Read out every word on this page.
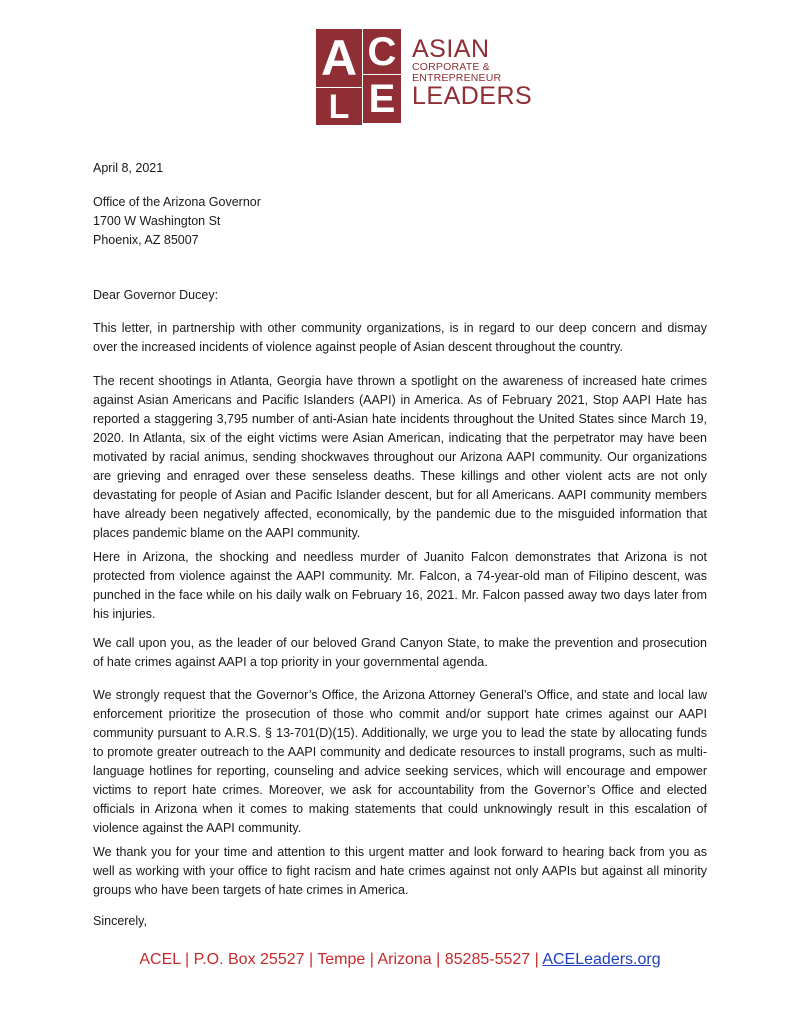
A C
E
L
ASIAN
CORPORATE &
ENTREPRENEUR
LEADERS
April 8, 2021
Office of the Arizona Governor
1700 W Washington St
Phoenix, AZ 85007
Dear Governor Ducey:
This letter, in partnership with other community organizations, is in regard to our deep concern and dismay over the increased incidents of violence against people of Asian descent throughout the country.
The recent shootings in Atlanta, Georgia have thrown a spotlight on the awareness of increased hate crimes against Asian Americans and Pacific Islanders (AAPI) in America. As of February 2021, Stop AAPI Hate has reported a staggering 3,795 number of anti-Asian hate incidents throughout the United States since March 19, 2020. In Atlanta, six of the eight victims were Asian American, indicating that the perpetrator may have been motivated by racial animus, sending shockwaves throughout our Arizona AAPI community. Our organizations are grieving and enraged over these senseless deaths. These killings and other violent acts are not only devastating for people of Asian and Pacific Islander descent, but for all Americans. AAPI community members have already been negatively affected, economically, by the pandemic due to the misguided information that places pandemic blame on the AAPI community.
Here in Arizona, the shocking and needless murder of Juanito Falcon demonstrates that Arizona is not protected from violence against the AAPI community. Mr. Falcon, a 74-year-old man of Filipino descent, was punched in the face while on his daily walk on February 16, 2021. Mr. Falcon passed away two days later from his injuries.
We call upon you, as the leader of our beloved Grand Canyon State, to make the prevention and prosecution of hate crimes against AAPI a top priority in your governmental agenda.
We strongly request that the Governor’s Office, the Arizona Attorney General’s Office, and state and local law enforcement prioritize the prosecution of those who commit and/or support hate crimes against our AAPI community pursuant to A.R.S. § 13-701(D)(15). Additionally, we urge you to lead the state by allocating funds to promote greater outreach to the AAPI community and dedicate resources to install programs, such as multi-language hotlines for reporting, counseling and advice seeking services, which will encourage and empower victims to report hate crimes. Moreover, we ask for accountability from the Governor’s Office and elected officials in Arizona when it comes to making statements that could unknowingly result in this escalation of violence against the AAPI community.
We thank you for your time and attention to this urgent matter and look forward to hearing back from you as well as working with your office to fight racism and hate crimes against not only AAPIs but against all minority groups who have been targets of hate crimes in America.
Sincerely,
ACEL | P.O. Box 25527 | Tempe | Arizona | 85285-5527 | ACELeaders.org
